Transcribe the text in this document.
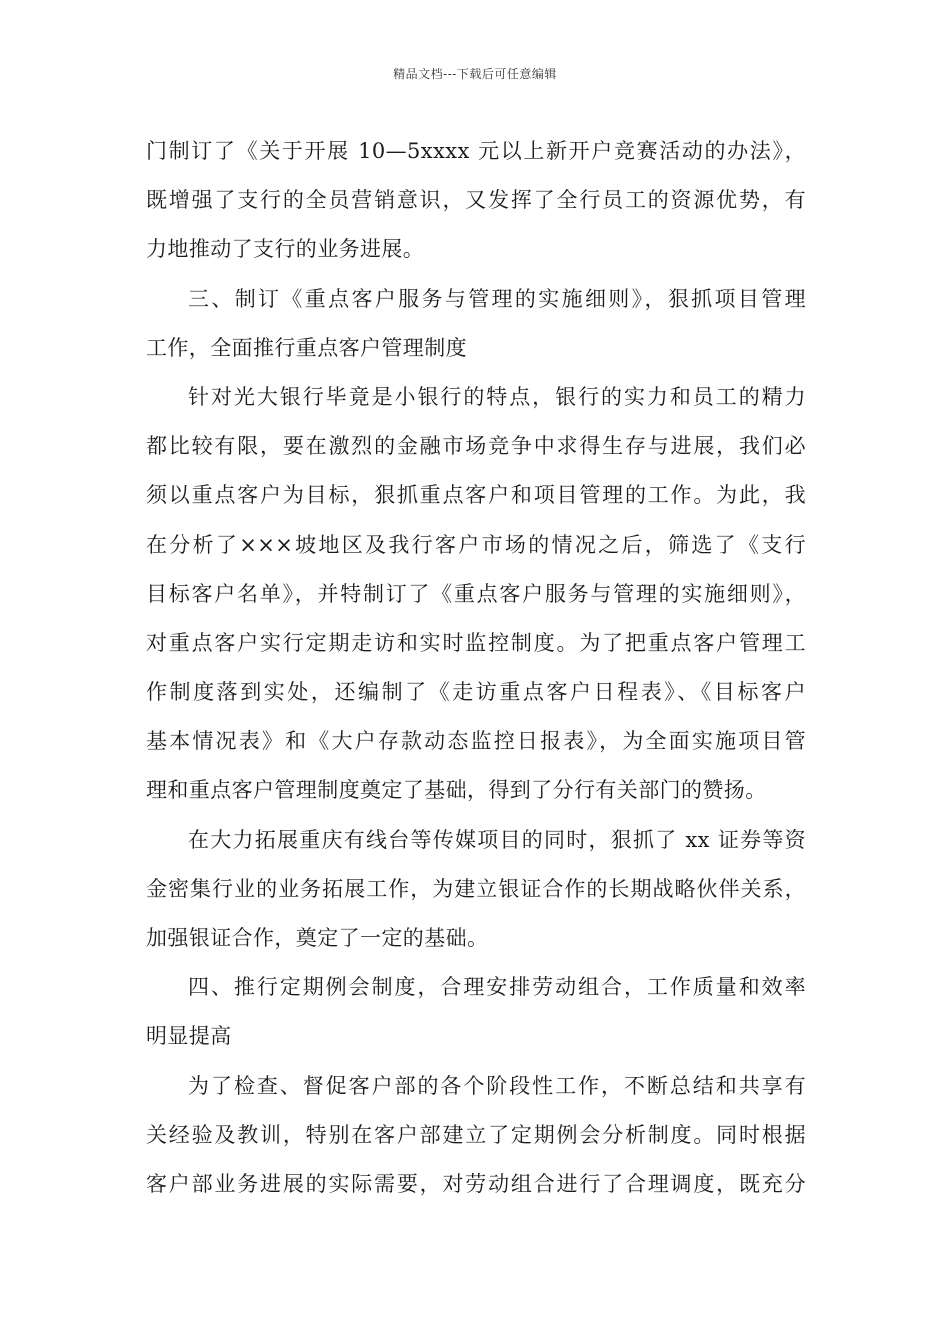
精品文档---下载后可任意编辑
门制订了《关于开展 10—5xxxx 元以上新开户竞赛活动的办法》，
既增强了支行的全员营销意识，又发挥了全行员工的资源优势，有
力地推动了支行的业务进展。
三、制订《重点客户服务与管理的实施细则》，狠抓项目管理
工作，全面推行重点客户管理制度
针对光大银行毕竟是小银行的特点，银行的实力和员工的精力
都比较有限，要在激烈的金融市场竞争中求得生存与进展，我们必
须以重点客户为目标，狠抓重点客户和项目管理的工作。为此，我
在分析了×××坡地区及我行客户市场的情况之后，筛选了《支行
目标客户名单》，并特制订了《重点客户服务与管理的实施细则》，
对重点客户实行定期走访和实时监控制度。为了把重点客户管理工
作制度落到实处，还编制了《走访重点客户日程表》、《目标客户
基本情况表》和《大户存款动态监控日报表》，为全面实施项目管
理和重点客户管理制度奠定了基础，得到了分行有关部门的赞扬。
在大力拓展重庆有线台等传媒项目的同时，狠抓了 xx 证券等资
金密集行业的业务拓展工作，为建立银证合作的长期战略伙伴关系，
加强银证合作，奠定了一定的基础。
四、推行定期例会制度，合理安排劳动组合，工作质量和效率
明显提高
为了检查、督促客户部的各个阶段性工作，不断总结和共享有
关经验及教训，特别在客户部建立了定期例会分析制度。同时根据
客户部业务进展的实际需要，对劳动组合进行了合理调度，既充分
